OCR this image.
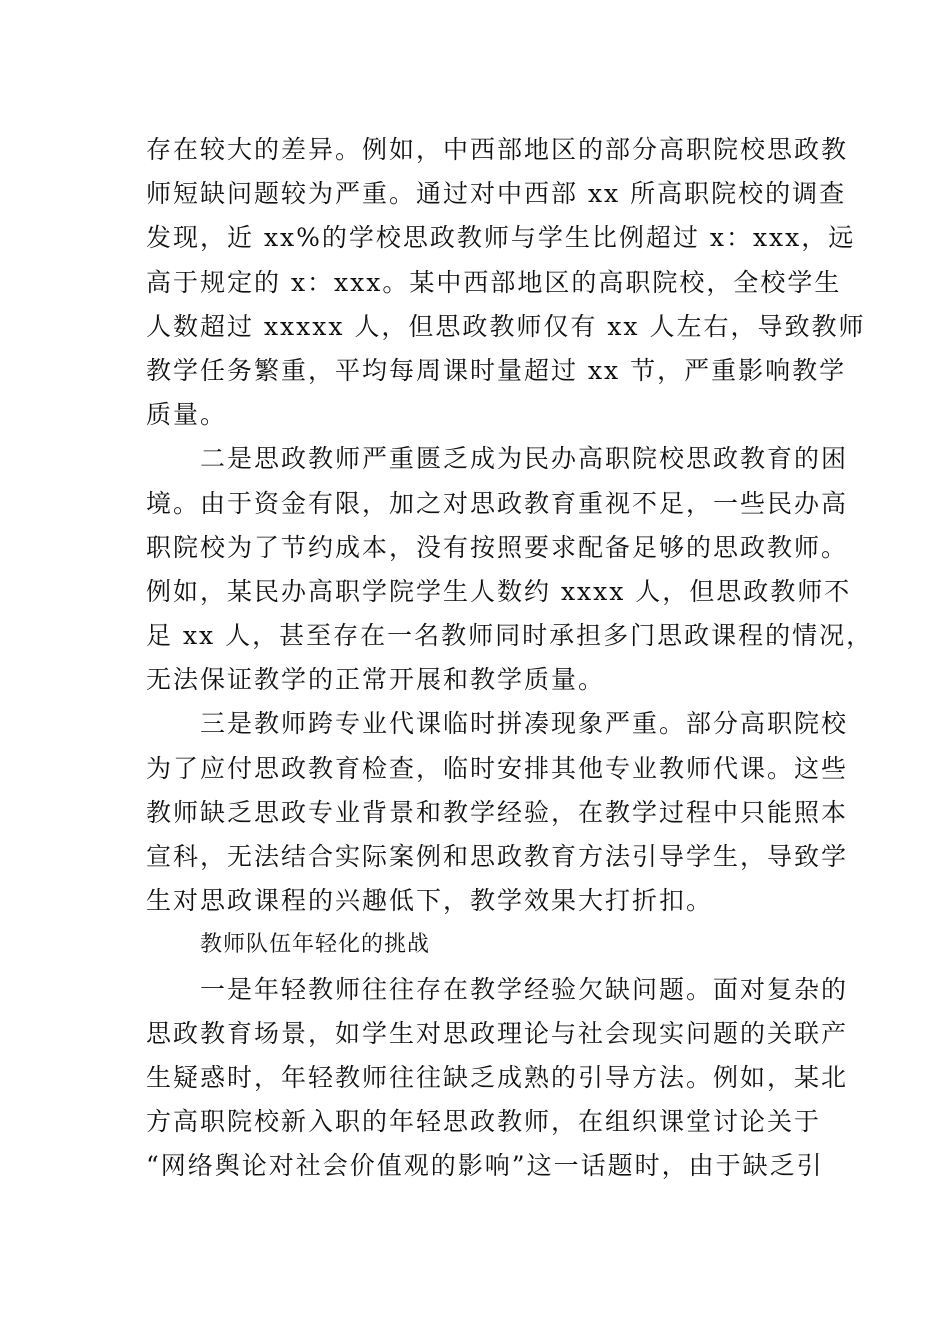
存在较大的差异。例如，中西部地区的部分高职院校思政教
师短缺问题较为严重。通过对中西部 xx 所高职院校的调查
发现，近 xx%的学校思政教师与学生比例超过 x：xxx，远
高于规定的 x：xxx。某中西部地区的高职院校，全校学生
人数超过 xxxxx 人，但思政教师仅有 xx 人左右，导致教师
教学任务繁重，平均每周课时量超过 xx 节，严重影响教学
质量。
二是思政教师严重匮乏成为民办高职院校思政教育的困
境。由于资金有限，加之对思政教育重视不足，一些民办高
职院校为了节约成本，没有按照要求配备足够的思政教师。
例如，某民办高职学院学生人数约 xxxx 人，但思政教师不
足 xx 人，甚至存在一名教师同时承担多门思政课程的情况，
无法保证教学的正常开展和教学质量。
三是教师跨专业代课临时拼凑现象严重。部分高职院校
为了应付思政教育检查，临时安排其他专业教师代课。这些
教师缺乏思政专业背景和教学经验，在教学过程中只能照本
宣科，无法结合实际案例和思政教育方法引导学生，导致学
生对思政课程的兴趣低下，教学效果大打折扣。
教师队伍年轻化的挑战
一是年轻教师往往存在教学经验欠缺问题。面对复杂的
思政教育场景，如学生对思政理论与社会现实问题的关联产
生疑惑时，年轻教师往往缺乏成熟的引导方法。例如，某北
方高职院校新入职的年轻思政教师，在组织课堂讨论关于
“网络舆论对社会价值观的影响”这一话题时，由于缺乏引
